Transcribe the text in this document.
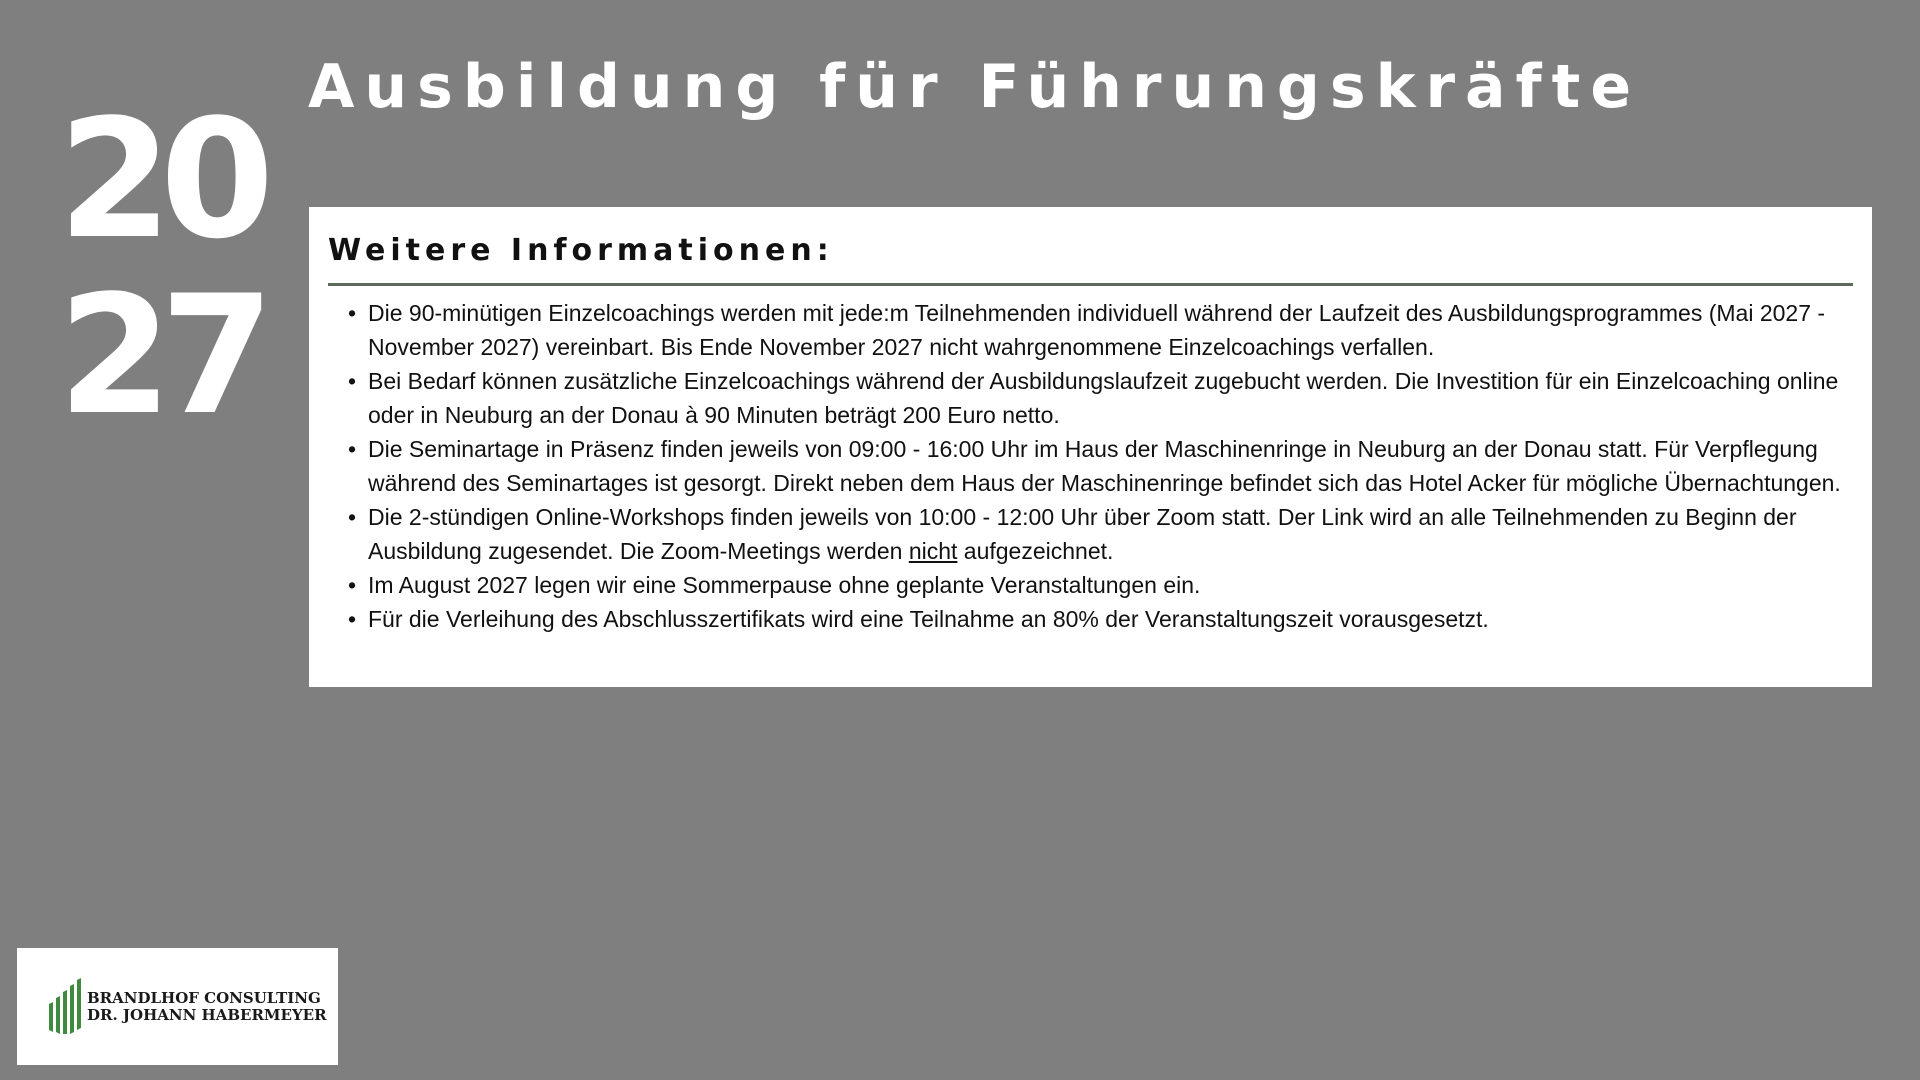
20
27
Ausbildung für Führungskräfte
Weitere Informationen:
• Die 90-minütigen Einzelcoachings werden mit jede:m Teilnehmenden individuell während der Laufzeit des Ausbildungsprogrammes (Mai 2027 - November 2027) vereinbart. Bis Ende November 2027 nicht wahrgenommene Einzelcoachings verfallen.
• Bei Bedarf können zusätzliche Einzelcoachings während der Ausbildungslaufzeit zugebucht werden. Die Investition für ein Einzelcoaching online oder in Neuburg an der Donau à 90 Minuten beträgt 200 Euro netto.
• Die Seminartage in Präsenz finden jeweils von 09:00 - 16:00 Uhr im Haus der Maschinenringe in Neuburg an der Donau statt. Für Verpflegung während des Seminartages ist gesorgt. Direkt neben dem Haus der Maschinenringe befindet sich das Hotel Acker für mögliche Übernachtungen.
• Die 2-stündigen Online-Workshops finden jeweils von 10:00 - 12:00 Uhr über Zoom statt. Der Link wird an alle Teilnehmenden zu Beginn der Ausbildung zugesendet. Die Zoom-Meetings werden nicht aufgezeichnet.
• Im August 2027 legen wir eine Sommerpause ohne geplante Veranstaltungen ein.
• Für die Verleihung des Abschlusszertifikats wird eine Teilnahme an 80% der Veranstaltungszeit vorausgesetzt.
BRANDLHOF CONSULTING
DR. JOHANN HABERMEYER
